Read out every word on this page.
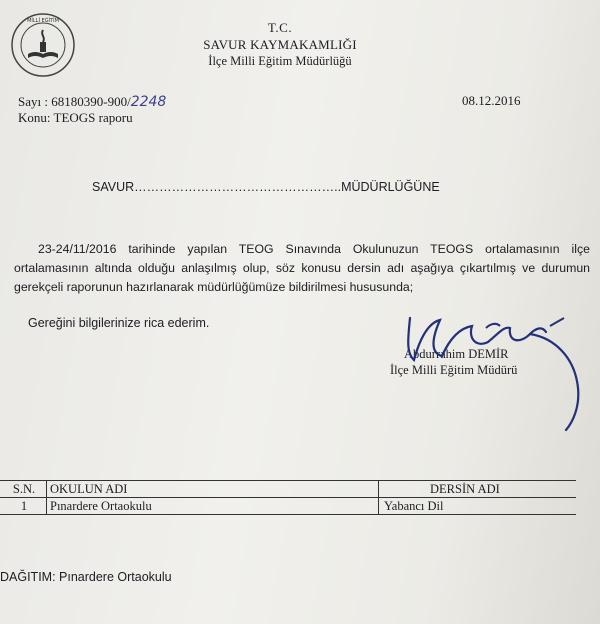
MİLLİ EĞİTİM	T.C.
SAVUR KAYMAKAMLIĞI
İlçe Milli Eğitim Müdürlüğü
Sayı : 68180390-900/2248
Konu: TEOGS raporu
08.12.2016
SAVUR…………………………………………..MÜDÜRLÜĞÜNE

23-24/11/2016 tarihinde yapılan TEOG Sınavında Okulunuzun TEOGS ortalamasının ilçe ortalamasının altında olduğu anlaşılmış olup, söz konusu dersin adı aşağıya çıkartılmış ve durumun gerekçeli raporunun hazırlanarak müdürlüğümüze bildirilmesi hususunda;

Gereğini bilgilerinize rica ederim.
Abdurrahim DEMİR
İlçe Milli Eğitim Müdürü
S.N.	OKULUN ADI	DERSİN ADI
1	Pınardere Ortaokulu	Yabancı Dil
DAĞITIM: Pınardere Ortaokulu
